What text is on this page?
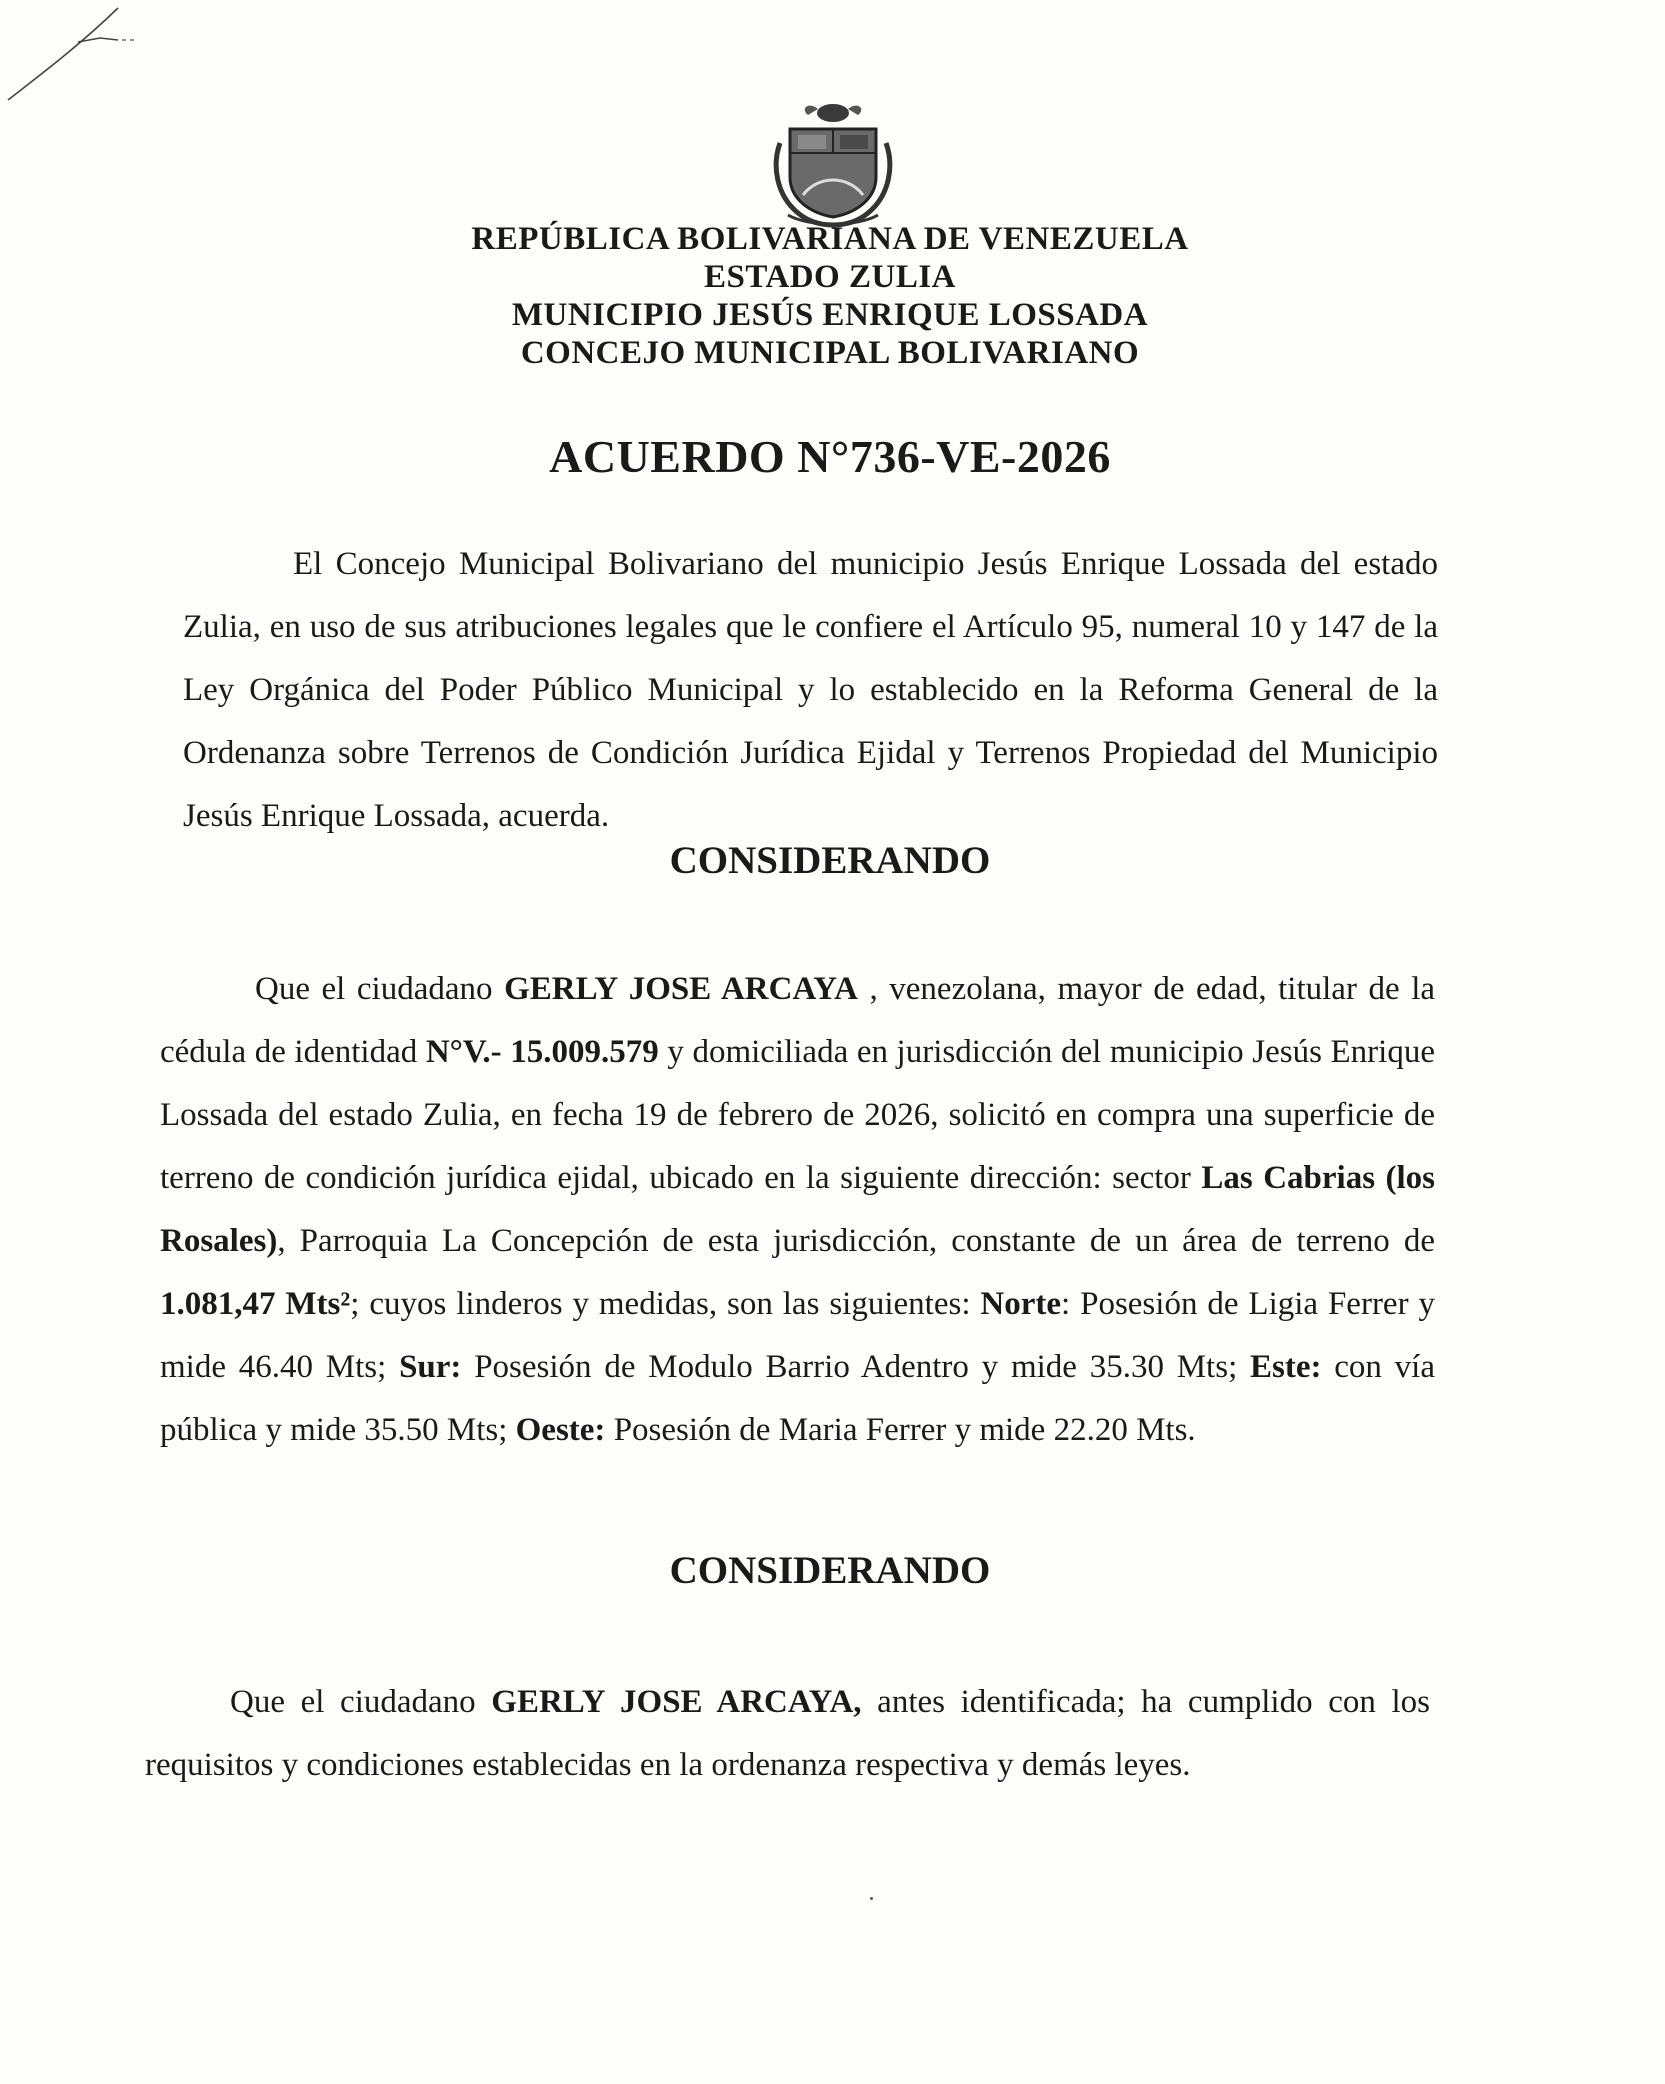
REPÚBLICA BOLIVARIANA DE VENEZUELA
ESTADO ZULIA
MUNICIPIO JESÚS ENRIQUE LOSSADA
CONCEJO MUNICIPAL BOLIVARIANO
ACUERDO N°736-VE-2026

El Concejo Municipal Bolivariano del municipio Jesús Enrique Lossada del estado Zulia, en uso de sus atribuciones legales que le confiere el Artículo 95, numeral 10 y 147 de la Ley Orgánica del Poder Público Municipal y lo establecido en la Reforma General de la Ordenanza sobre Terrenos de Condición Jurídica Ejidal y Terrenos Propiedad del Municipio Jesús Enrique Lossada, acuerda.

CONSIDERANDO

Que el ciudadano GERLY JOSE ARCAYA , venezolana, mayor de edad, titular de la cédula de identidad N°V.- 15.009.579 y domiciliada en jurisdicción del municipio Jesús Enrique Lossada del estado Zulia, en fecha 19 de febrero de 2026, solicitó en compra una superficie de terreno de condición jurídica ejidal, ubicado en la siguiente dirección: sector Las Cabrias (los Rosales), Parroquia La Concepción de esta jurisdicción, constante de un área de terreno de 1.081,47 Mts²; cuyos linderos y medidas, son las siguientes: Norte: Posesión de Ligia Ferrer y mide 46.40 Mts; Sur: Posesión de Modulo Barrio Adentro y mide 35.30 Mts; Este: con vía pública y mide 35.50 Mts; Oeste: Posesión de Maria Ferrer y mide 22.20 Mts.

CONSIDERANDO

Que el ciudadano GERLY JOSE ARCAYA, antes identificada; ha cumplido con los requisitos y condiciones establecidas en la ordenanza respectiva y demás leyes.
